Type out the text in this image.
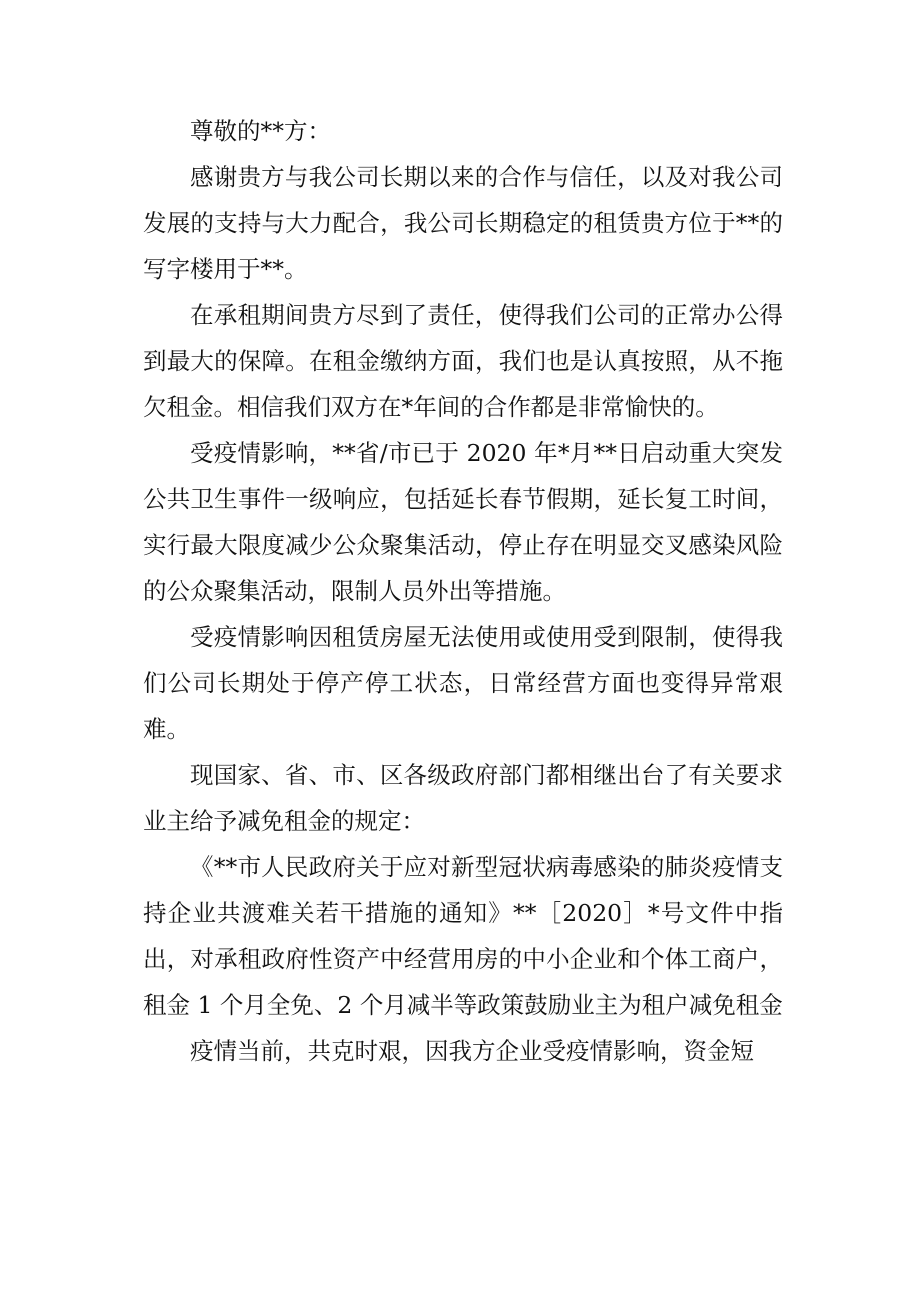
尊敬的**方：

感谢贵方与我公司长期以来的合作与信任，以及对我公司发展的支持与大力配合，我公司长期稳定的租赁贵方位于**的写字楼用于**。

在承租期间贵方尽到了责任，使得我们公司的正常办公得到最大的保障。在租金缴纳方面，我们也是认真按照，从不拖欠租金。相信我们双方在*年间的合作都是非常愉快的。

受疫情影响，**省/市已于 2020 年*月**日启动重大突发公共卫生事件一级响应，包括延长春节假期，延长复工时间，实行最大限度减少公众聚集活动，停止存在明显交叉感染风险的公众聚集活动，限制人员外出等措施。

受疫情影响因租赁房屋无法使用或使用受到限制，使得我们公司长期处于停产停工状态，日常经营方面也变得异常艰难。

现国家、省、市、区各级政府部门都相继出台了有关要求业主给予减免租金的规定：

《**市人民政府关于应对新型冠状病毒感染的肺炎疫情支持企业共渡难关若干措施的通知》**［2020］*号文件中指出，对承租政府性资产中经营用房的中小企业和个体工商户，租金 1 个月全免、2 个月减半等政策鼓励业主为租户减免租金

疫情当前，共克时艰，因我方企业受疫情影响，资金短
